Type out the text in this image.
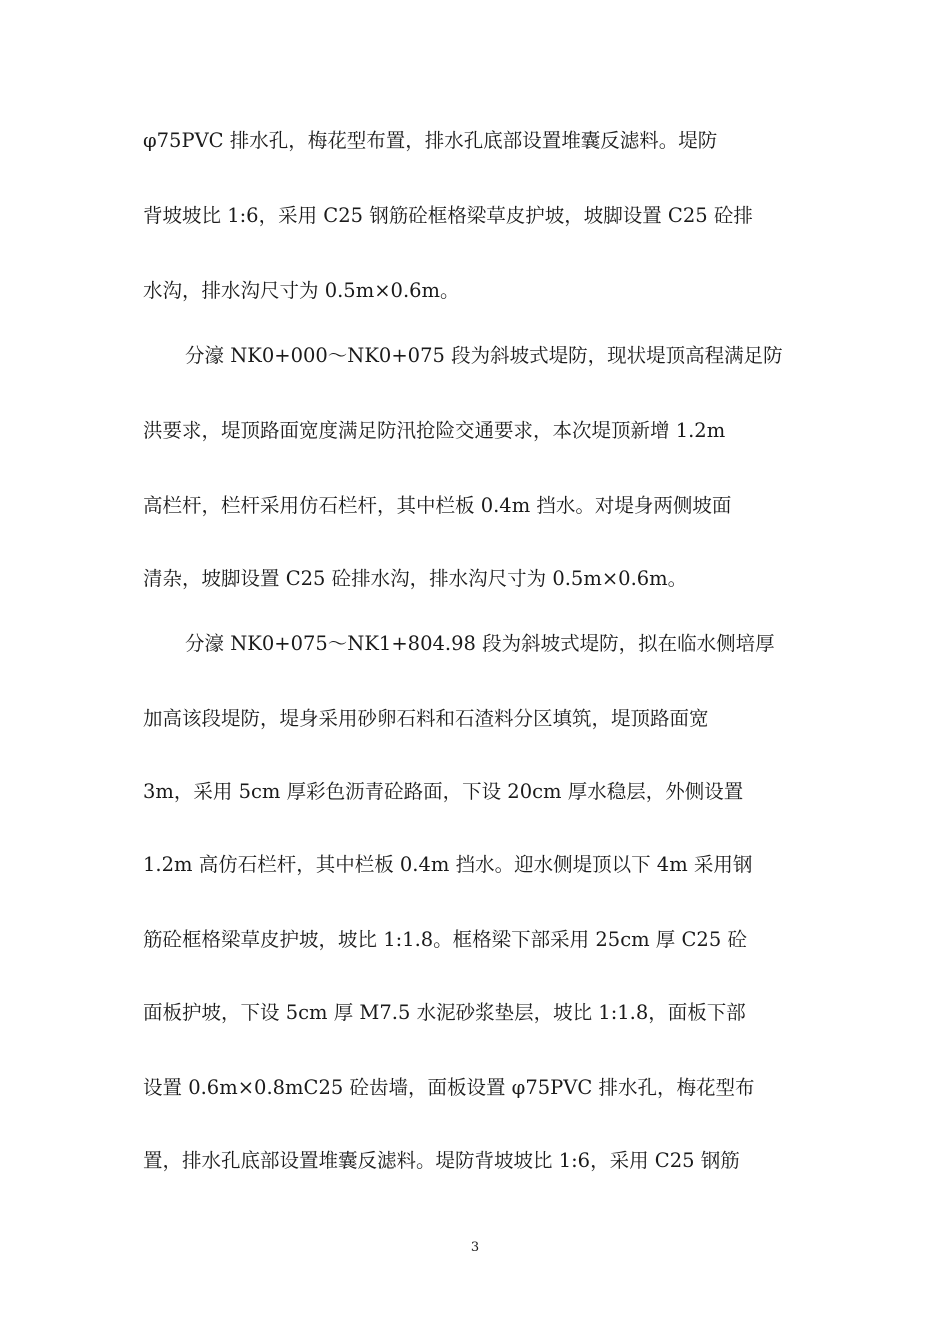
φ75PVC 排水孔，梅花型布置，排水孔底部设置堆囊反滤料。堤防
背坡坡比 1:6，采用 C25 钢筋砼框格梁草皮护坡，坡脚设置 C25 砼排
水沟，排水沟尺寸为 0.5m×0.6m。
分濠 NK0+000～NK0+075 段为斜坡式堤防，现状堤顶高程满足防
洪要求，堤顶路面宽度满足防汛抢险交通要求，本次堤顶新增 1.2m
高栏杆，栏杆采用仿石栏杆，其中栏板 0.4m 挡水。对堤身两侧坡面
清杂，坡脚设置 C25 砼排水沟，排水沟尺寸为 0.5m×0.6m。
分濠 NK0+075～NK1+804.98 段为斜坡式堤防，拟在临水侧培厚
加高该段堤防，堤身采用砂卵石料和石渣料分区填筑，堤顶路面宽
3m，采用 5cm 厚彩色沥青砼路面，下设 20cm 厚水稳层，外侧设置
1.2m 高仿石栏杆，其中栏板 0.4m 挡水。迎水侧堤顶以下 4m 采用钢
筋砼框格梁草皮护坡，坡比 1:1.8。框格梁下部采用 25cm 厚 C25 砼
面板护坡，下设 5cm 厚 M7.5 水泥砂浆垫层，坡比 1:1.8，面板下部
设置 0.6m×0.8mC25 砼齿墙，面板设置 φ75PVC 排水孔，梅花型布
置，排水孔底部设置堆囊反滤料。堤防背坡坡比 1:6，采用 C25 钢筋
3
